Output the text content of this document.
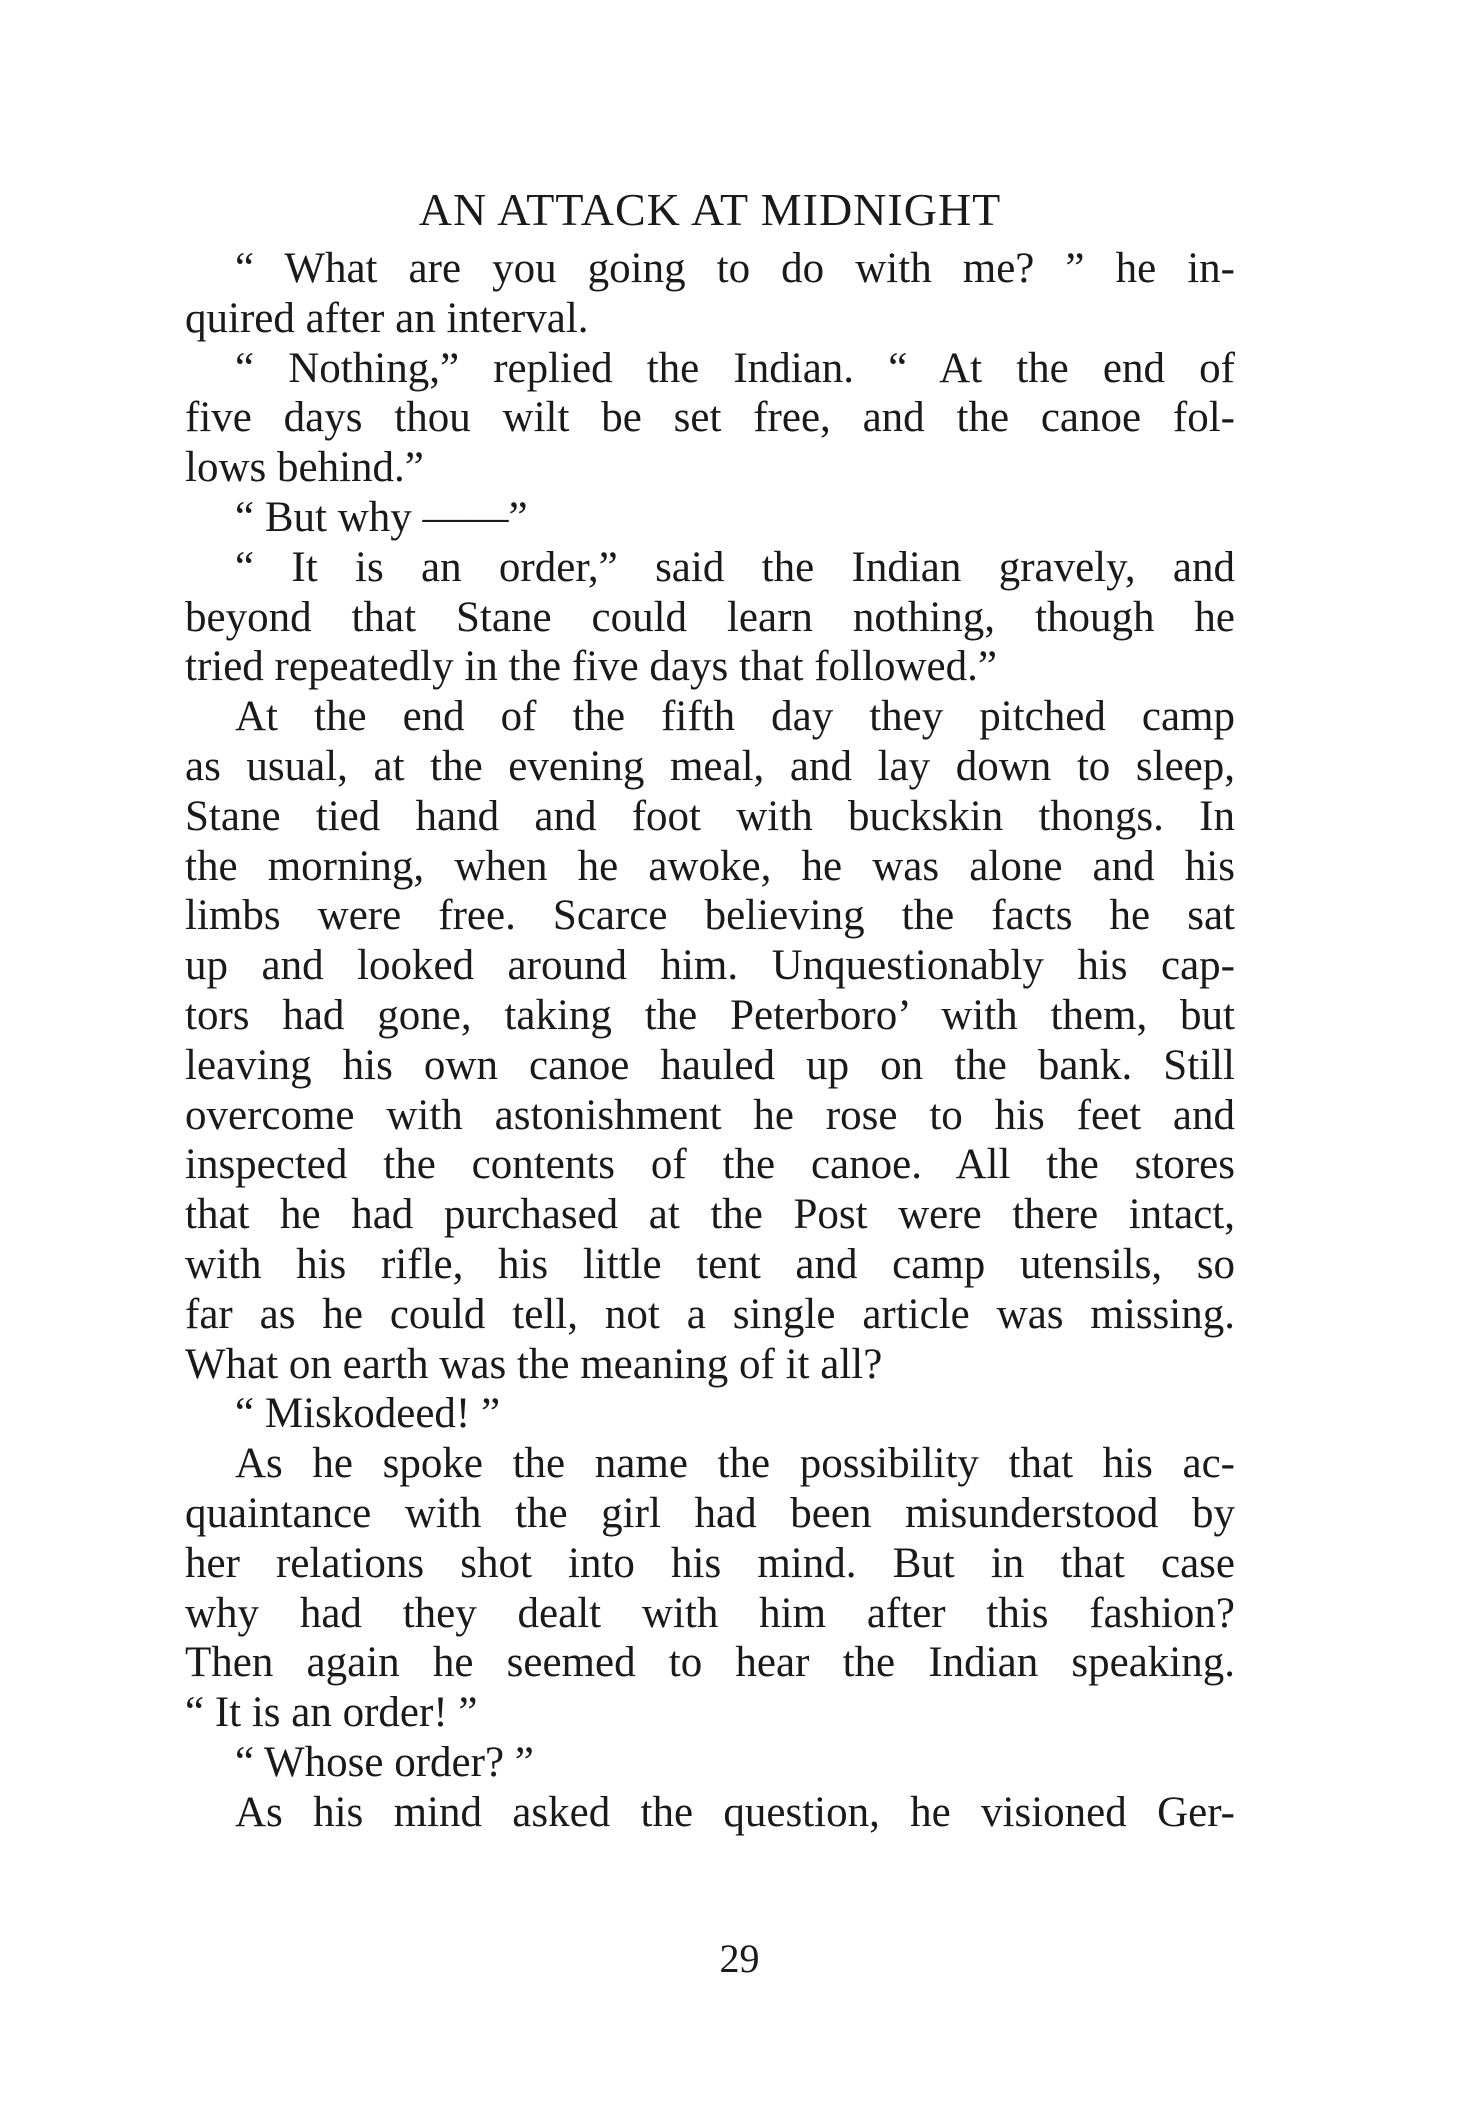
AN ATTACK AT MIDNIGHT
“ What are you going to do with me? ” he in-
quired after an interval.
“ Nothing,” replied the Indian. “ At the end of
five days thou wilt be set free, and the canoe fol-
lows behind.”
“ But why ——”
“ It is an order,” said the Indian gravely, and
beyond that Stane could learn nothing, though he
tried repeatedly in the five days that followed.”
At the end of the fifth day they pitched camp
as usual, at the evening meal, and lay down to sleep,
Stane tied hand and foot with buckskin thongs. In
the morning, when he awoke, he was alone and his
limbs were free. Scarce believing the facts he sat
up and looked around him. Unquestionably his cap-
tors had gone, taking the Peterboro’ with them, but
leaving his own canoe hauled up on the bank. Still
overcome with astonishment he rose to his feet and
inspected the contents of the canoe. All the stores
that he had purchased at the Post were there intact,
with his rifle, his little tent and camp utensils, so
far as he could tell, not a single article was missing.
What on earth was the meaning of it all?
“ Miskodeed! ”
As he spoke the name the possibility that his ac-
quaintance with the girl had been misunderstood by
her relations shot into his mind. But in that case
why had they dealt with him after this fashion?
Then again he seemed to hear the Indian speaking.
“ It is an order! ”
“ Whose order? ”
As his mind asked the question, he visioned Ger-
29
